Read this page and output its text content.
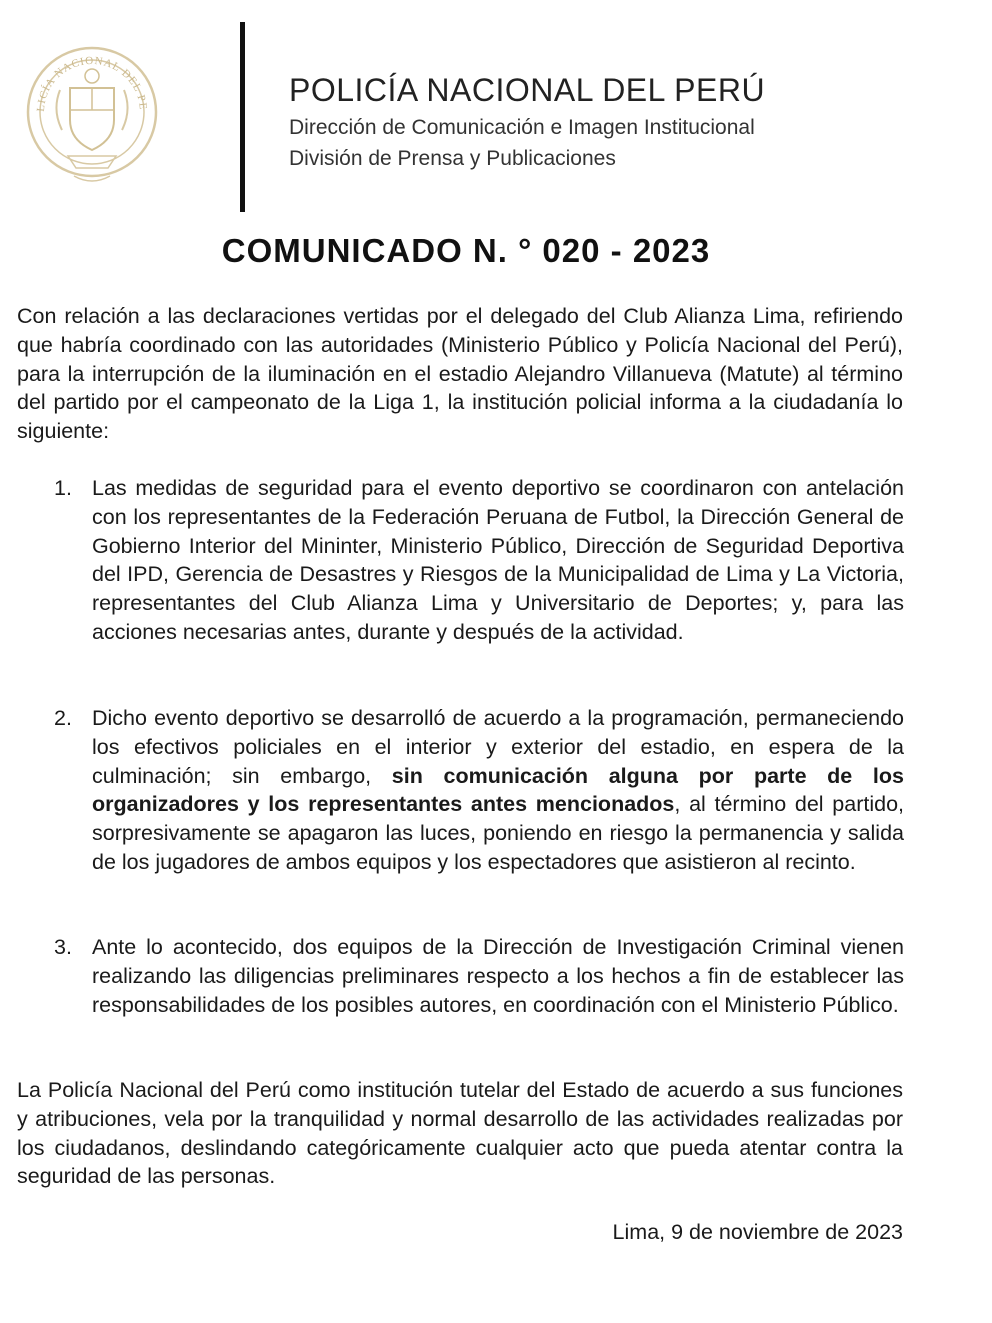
LICÍA NACIONAL DEL PE	POLICÍA NACIONAL DEL PERÚ
Dirección de Comunicación e Imagen Institucional
División de Prensa y Publicaciones
COMUNICADO N. ° 020 - 2023
Con relación a las declaraciones vertidas por el delegado del Club Alianza Lima, refiriendo que habría coordinado con las autoridades (Ministerio Público y Policía Nacional del Perú), para la interrupción de la iluminación en el estadio Alejandro Villanueva (Matute) al término del partido por el campeonato de la Liga 1, la institución policial informa a la ciudadanía lo siguiente:
1. Las medidas de seguridad para el evento deportivo se coordinaron con antelación con los representantes de la Federación Peruana de Futbol, la Dirección General de Gobierno Interior del Mininter, Ministerio Público, Dirección de Seguridad Deportiva del IPD, Gerencia de Desastres y Riesgos de la Municipalidad de Lima y La Victoria, representantes del Club Alianza Lima y Universitario de Deportes; y, para las acciones necesarias antes, durante y después de la actividad.
2. Dicho evento deportivo se desarrolló de acuerdo a la programación, permaneciendo los efectivos policiales en el interior y exterior del estadio, en espera de la culminación; sin embargo, sin comunicación alguna por parte de los organizadores y los representantes antes mencionados, al término del partido, sorpresivamente se apagaron las luces, poniendo en riesgo la permanencia y salida de los jugadores de ambos equipos y los espectadores que asistieron al recinto.
3. Ante lo acontecido, dos equipos de la Dirección de Investigación Criminal vienen realizando las diligencias preliminares respecto a los hechos a fin de establecer las responsabilidades de los posibles autores, en coordinación con el Ministerio Público.
La Policía Nacional del Perú como institución tutelar del Estado de acuerdo a sus funciones y atribuciones, vela por la tranquilidad y normal desarrollo de las actividades realizadas por los ciudadanos, deslindando categóricamente cualquier acto que pueda atentar contra la seguridad de las personas.
Lima, 9 de noviembre de 2023
